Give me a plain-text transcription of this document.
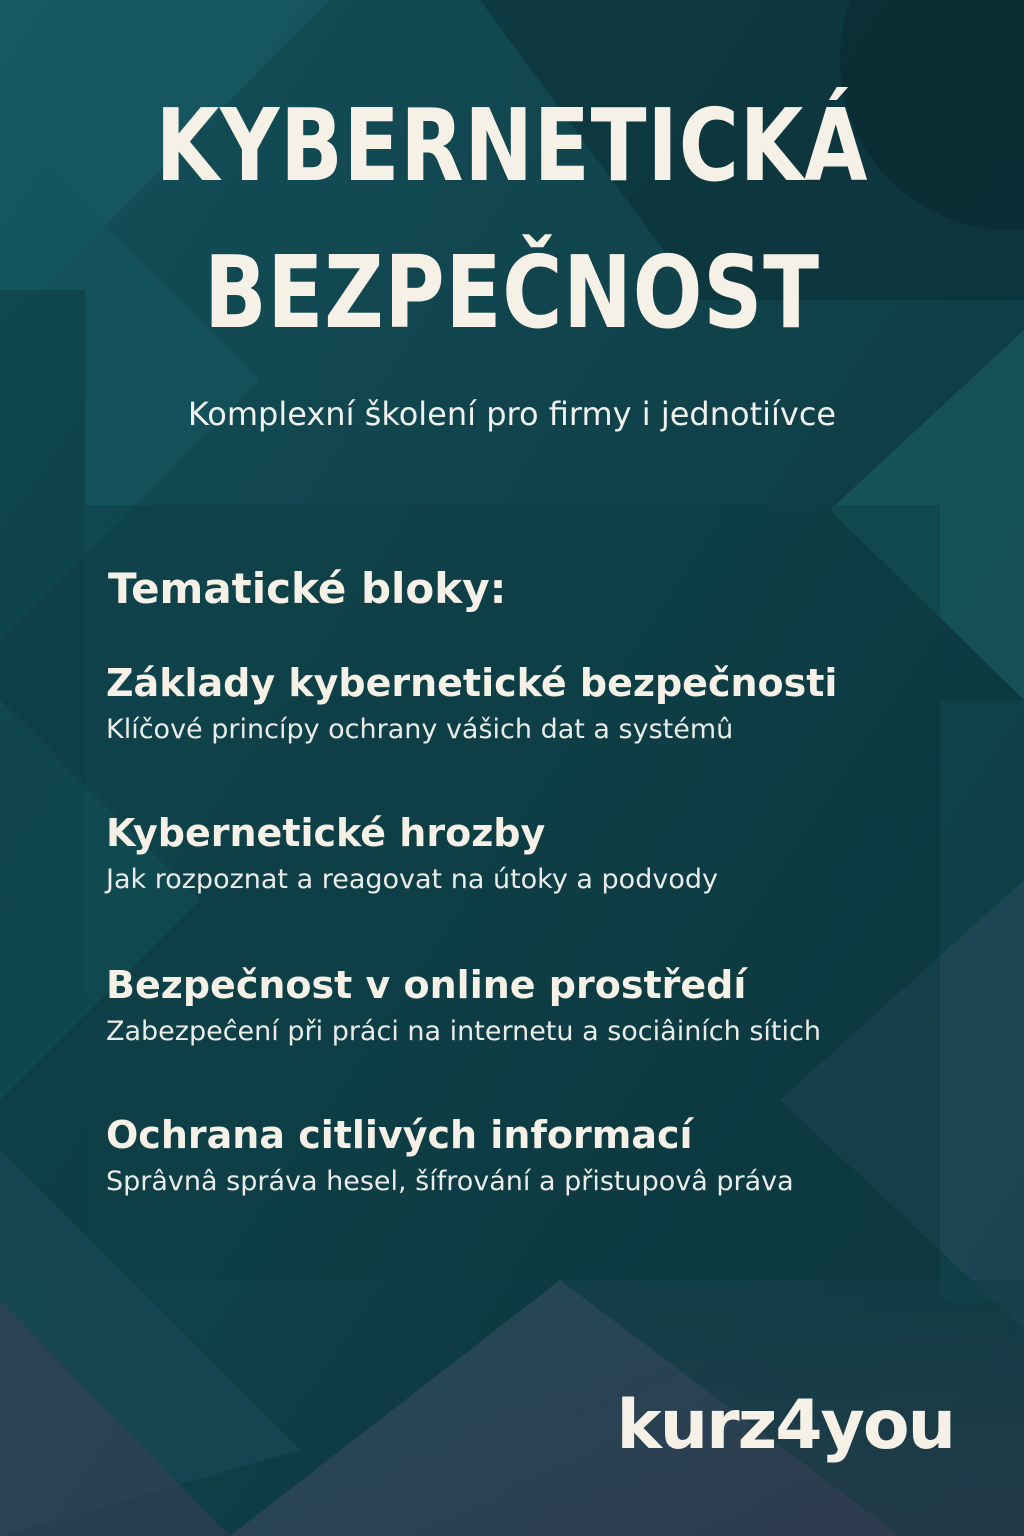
KYBERNETICKÁ
BEZPEČNOST
Komplexní školení pro firmy i jednotiívce
Tematické bloky:
Základy kybernetické bezpečnosti
Klíčové princípy ochrany vášich dat a systémû
Kybernetické hrozby
Jak rozpoznat a reagovat na útoky a podvody
Bezpečnost v online prostředí
Zabezpeĉení při práci na internetu a sociâiních sítich
Ochrana citlivých informací
Sprâvnâ správa hesel, šífrování a přistupovâ práva
kurz4you
